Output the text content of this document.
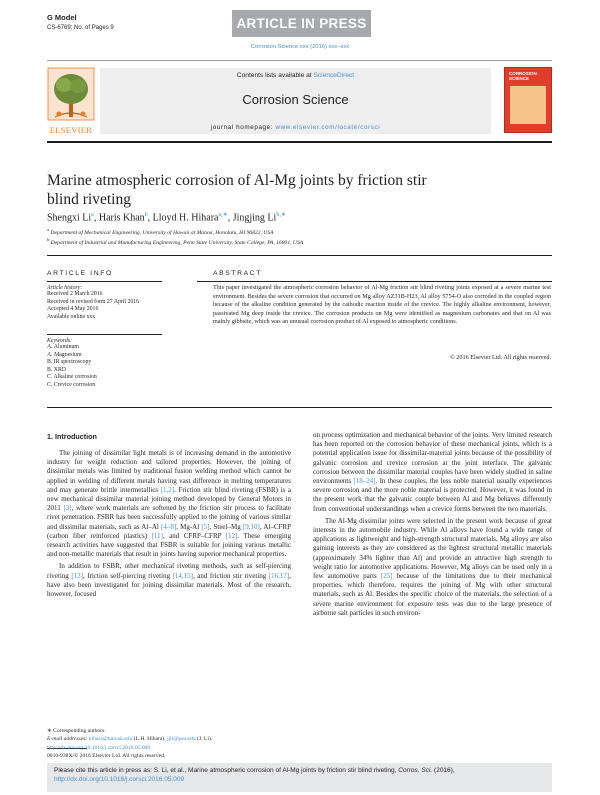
G Model
CS-6769; No. of Pages 9	ARTICLE IN PRESS
Corrosion Science xxx (2016) xxx–xxx
ELSEVIER
Contents lists available at ScienceDirect
Corrosion Science
journal homepage: www.elsevier.com/locate/corsci
CORROSION SCIENCE
Marine atmospheric corrosion of Al-Mg joints by friction stir blind riveting
Shengxi Li$^a$, Haris Khan$^b$, Lloyd H. Hihara$^{a,∗}$, Jingjing $Li^{b,∗}$
$^a$ Department of Mechanical Engineering, University of Hawaii at Manoa, Honolulu, HI 96822, USA
$^b$ Department of Industrial and Manufacturing Engineering, Penn State University, State College, PA, 16801, USA
ARTICLE INFO
Article history:
Received 2 March 2016
Received in revised form 27 April 2016
Accepted 4 May 2016
Available online xxx
Keywords:
A. Aluminum
A. Magnesium
B. IR spectroscopy
B. XRD
C. Alkaline corrosion
C. Crevice corrosion
ABSTRACT
This paper investigated the atmospheric corrosion behavior of Al-Mg friction stir blind riveting joints exposed at a severe marine test environment. Besides the severe corrosion that occurred on Mg alloy AZ31B-H23, Al alloy 5754-O also corroded in the coupled region because of the alkaline condition generated by the cathodic reaction inside of the crevice. The highly alkaline environment, however, passivated Mg deep inside the crevice. The corrosion products on Mg were identified as magnesium carbonates and that on Al was mainly gibbsite, which was an unusual corrosion product of Al exposed to atmospheric conditions.
© 2016 Elsevier Ltd. All rights reserved.
1. Introduction

The joining of dissimilar light metals is of increasing demand in the automotive industry for weight reduction and tailored properties. However, the joining of dissimilar metals was limited by traditional fusion welding method which cannot be applied in welding of different metals having vast difference in melting temperatures and may generate brittle intermetallics [1,2]. Friction stir blind riveting (FSBR) is a new mechanical dissimilar material joining method developed by General Motors in 2011 [3], where work materials are softened by the friction stir process to facilitate rivet penetration. FSBR has been successfully applied to the joining of various similar and dissimilar materials, such as Al–Al [4–8], Mg-Al [5], Steel–Mg [9,10], Al–CFRP (carbon fiber reinforced plastics) [11], and CFRP–CFRP [12]. These emerging research activities have suggested that FSBR is suitable for joining various metallic and non-metallic materials that result in joints having superior mechanical properties.

In addition to FSBR, other mechanical riveting methods, such as self-piercing riveting [13], friction self-piercing riveting [14,15], and friction stir riveting [16,17], have also been investigated for joining dissimilar materials. Most of the research, however, focused

on process optimization and mechanical behavior of the joints. Very limited research has been reported on the corrosion behavior of these mechanical joints, which is a potential application issue for dissimilar-material joints because of the possibility of galvanic corrosion and crevice corrosion at the joint interface. The galvanic corrosion between the dissimilar material couples have been widely studied in saline environments [18–24]. In these couples, the less noble material usually experiences severe corrosion and the more noble material is protected. However, it was found in the present work that the galvanic couple between Al and Mg behaves differently from conventional understandings when a crevice forms between the two materials.

The Al-Mg dissimilar joints were selected in the present work because of great interests in the automobile industry. While Al alloys have found a wide range of applications as lightweight and high-strength structural materials, Mg alloys are also gaining interests as they are considered as the lightest structural metallic materials (approximately 34% lighter than Al) and provide an attractive high strength to weight ratio for automotive applications. However, Mg alloys can be used only in a few automotive parts [25] because of the limitations due to their mechanical properties, which therefore, requires the joining of Mg with other structural materials, such as Al. Besides the specific choice of the materials, the selection of a severe marine environment for exposure tests was due to the large presence of airborne salt particles in such environ-

∗ Corresponding authors.
E-mail addresses: hihara@hawaii.edu (L.H. Hihara), jjli@psu.edu (J. Li).
http://dx.doi.org/10.1016/j.corsci.2016.05.009
0010-938X/© 2016 Elsevier Ltd. All rights reserved.
Please cite this article in press as: S. Li, et al., Marine atmospheric corrosion of Al-Mg joints by friction stir blind riveting, Corros. Sci. (2016), http://dx.doi.org/10.1016/j.corsci.2016.05.009
